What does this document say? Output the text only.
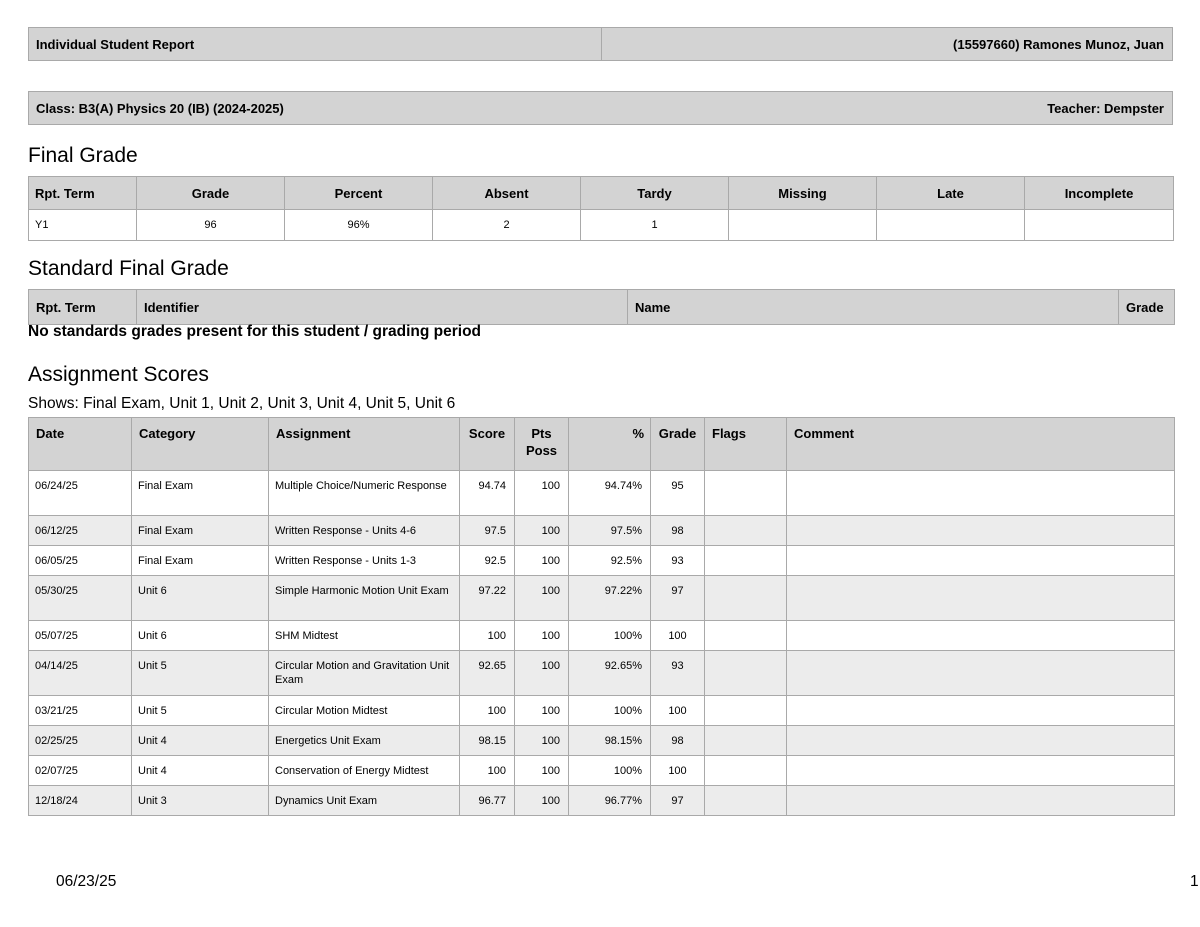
Individual Student Report	(15597660) Ramones Munoz, Juan
Class: B3(A) Physics 20 (IB) (2024-2025)	Teacher: Dempster
Final Grade
Rpt. Term	Grade	Percent	Absent	Tardy	Missing	Late	Incomplete
Y1	96	96%	2	1			
Standard Final Grade
Rpt. Term	Identifier	Name	Grade
No standards grades present for this student / grading period
Assignment Scores
Shows: Final Exam, Unit 1, Unit 2, Unit 3, Unit 4, Unit 5, Unit 6
Date	Category	Assignment	Score	Pts Poss	%	Grade	Flags	Comment
06/24/25	Final Exam	Multiple Choice/Numeric Response	94.74	100	94.74%	95		
06/12/25	Final Exam	Written Response - Units 4-6	97.5	100	97.5%	98		
06/05/25	Final Exam	Written Response - Units 1-3	92.5	100	92.5%	93		
05/30/25	Unit 6	Simple Harmonic Motion Unit Exam	97.22	100	97.22%	97		
05/07/25	Unit 6	SHM Midtest	100	100	100%	100		
04/14/25	Unit 5	Circular Motion and Gravitation Unit Exam	92.65	100	92.65%	93		
03/21/25	Unit 5	Circular Motion Midtest	100	100	100%	100		
02/25/25	Unit 4	Energetics Unit Exam	98.15	100	98.15%	98		
02/07/25	Unit 4	Conservation of Energy Midtest	100	100	100%	100		
12/18/24	Unit 3	Dynamics Unit Exam	96.77	100	96.77%	97		
06/23/25	1
